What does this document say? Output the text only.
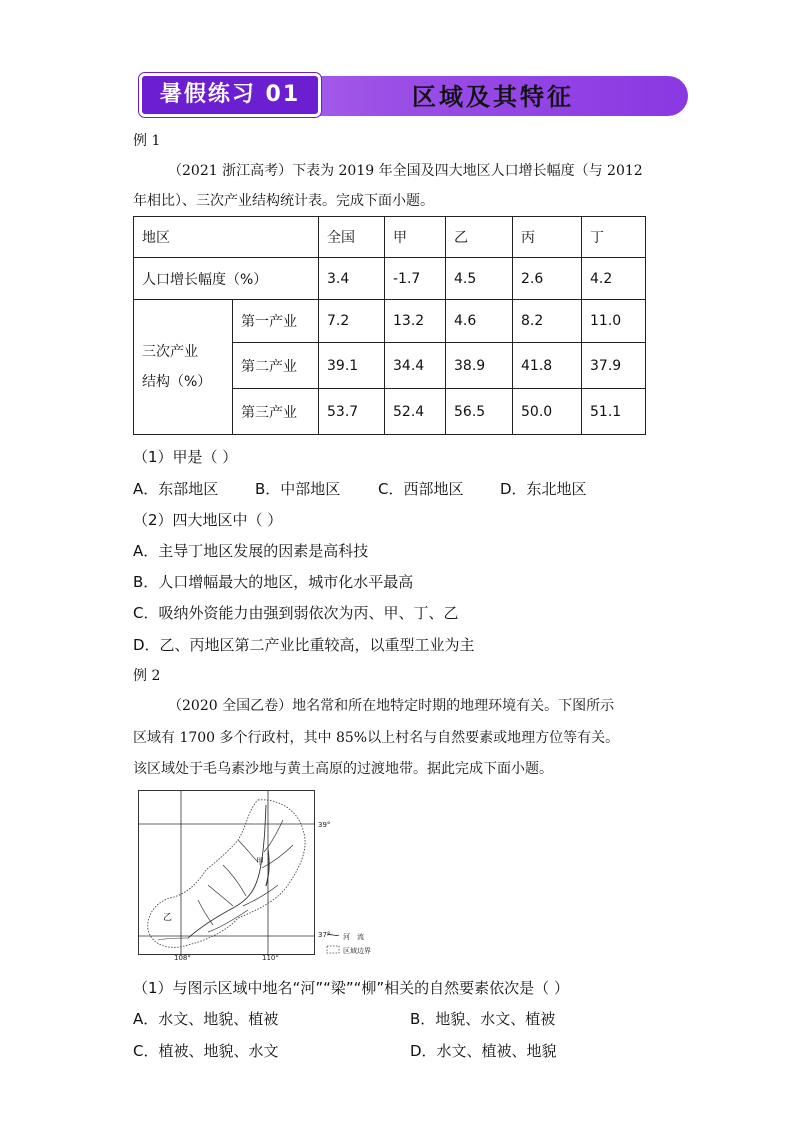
暑假练习 01	区域及其特征
例 1
（2021 浙江高考）下表为 2019 年全国及四大地区人口增长幅度（与 2012
年相比）、三次产业结构统计表。完成下面小题。
地区		全国	甲	乙	丙	丁
人口增长幅度（%）		3.4	-1.7	4.5	2.6	4.2

三次产业
结构（%）	第一产业	7.2	13.2	4.6	8.2	11.0
	第二产业	39.1	34.4	38.9	41.8	37.9
	第三产业	53.7	52.4	56.5	50.0	51.1
（1）甲是（ ）
A．东部地区 B．中部地区	C．西部地区 D．东北地区
（2）四大地区中（ ）
A．主导丁地区发展的因素是高科技
B．人口增幅最大的地区，城市化水平最高
C．吸纳外资能力由强到弱依次为丙、甲、丁、乙
D．乙、丙地区第二产业比重较高，以重型工业为主
例 2
（2020 全国乙卷）地名常和所在地特定时期的地理环境有关。下图所示
区域有 1700 多个行政村，其中 85%以上村名与自然要素或地理方位等有关。
该区域处于毛乌素沙地与黄土高原的过渡地带。据此完成下面小题。
39°
37°
108°	110°
甲
乙
河　流
区域边界
（1）与图示区域中地名“河”“梁”“柳”相关的自然要素依次是（ ）
A．水文、地貌、植被	B．地貌、水文、植被
C．植被、地貌、水文	D．水文、植被、地貌
